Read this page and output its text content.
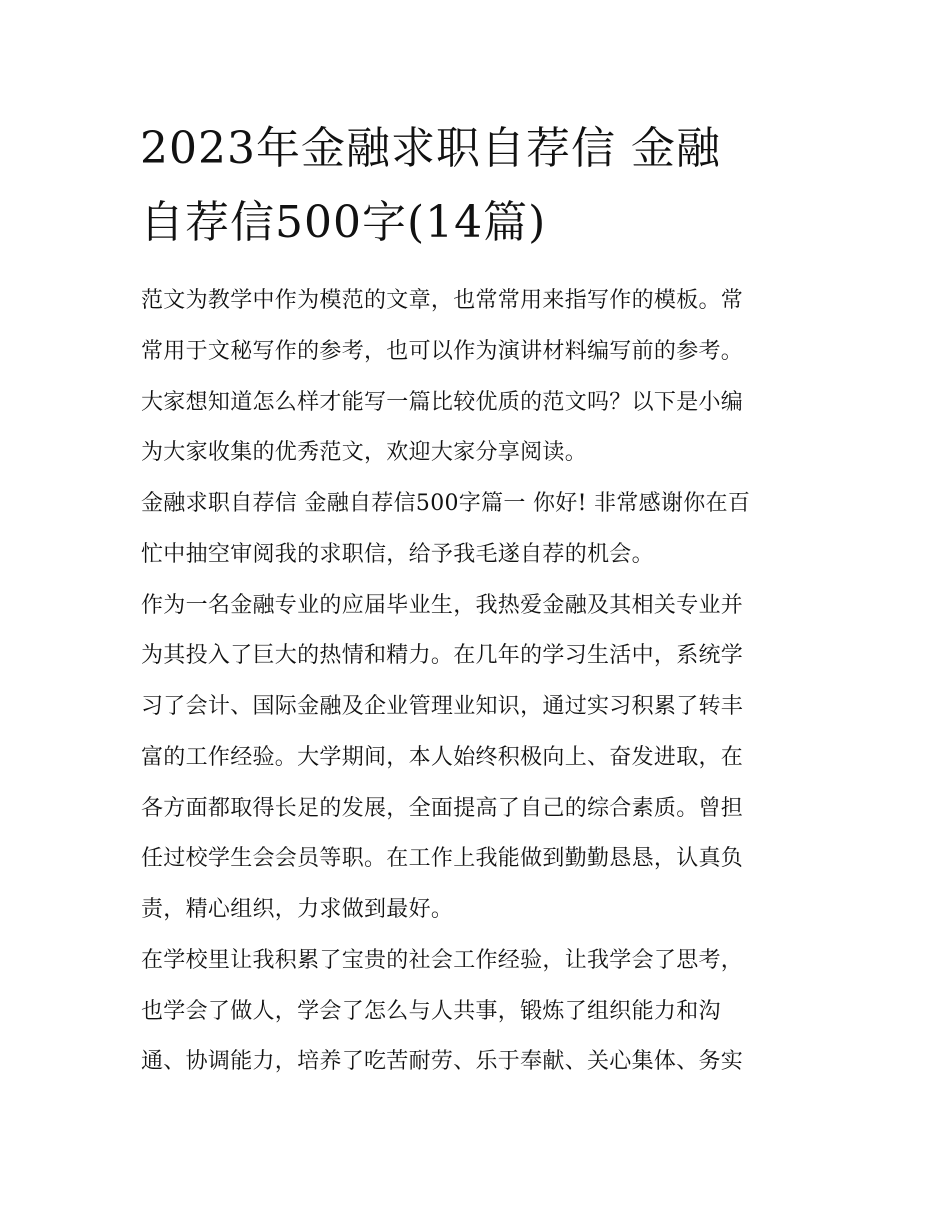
2023年金融求职自荐信 金融
自荐信500字(14篇)

范文为教学中作为模范的文章，也常常用来指写作的模板。常
常用于文秘写作的参考，也可以作为演讲材料编写前的参考。
大家想知道怎么样才能写一篇比较优质的范文吗？以下是小编
为大家收集的优秀范文，欢迎大家分享阅读。

金融求职自荐信 金融自荐信500字篇一 你好! 非常感谢你在百
忙中抽空审阅我的求职信，给予我毛遂自荐的机会。

作为一名金融专业的应届毕业生，我热爱金融及其相关专业并
为其投入了巨大的热情和精力。在几年的学习生活中，系统学
习了会计、国际金融及企业管理业知识，通过实习积累了转丰
富的工作经验。大学期间，本人始终积极向上、奋发进取，在
各方面都取得长足的发展，全面提高了自己的综合素质。曾担
任过校学生会会员等职。在工作上我能做到勤勤恳恳，认真负
责，精心组织，力求做到最好。

在学校里让我积累了宝贵的社会工作经验，让我学会了思考，
也学会了做人，学会了怎么与人共事，锻炼了组织能力和沟
通、协调能力，培养了吃苦耐劳、乐于奉献、关心集体、务实
